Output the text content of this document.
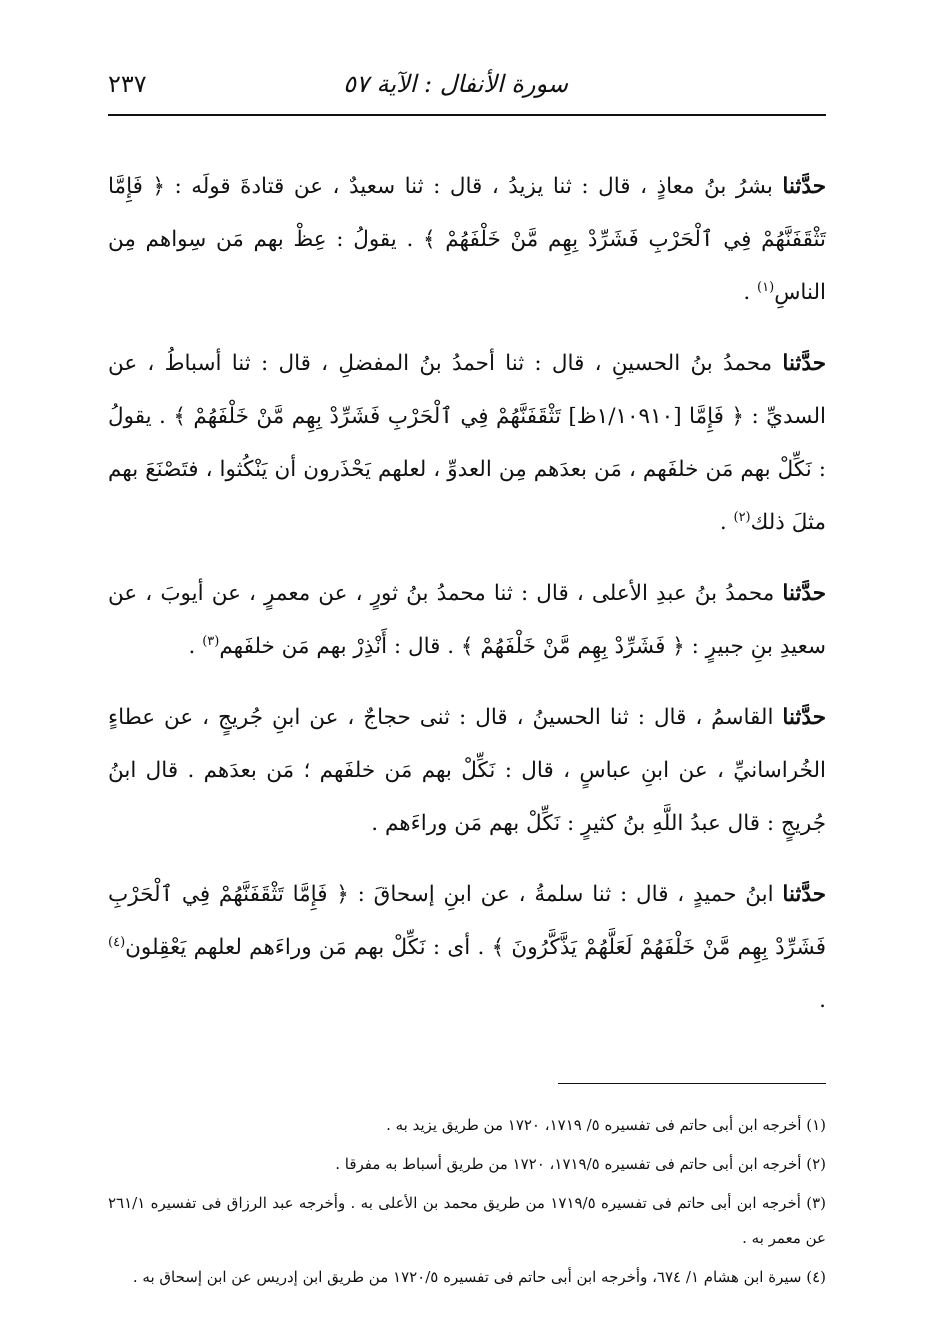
سورة الأنفال : الآية ٥٧
٢٣٧

حدَّثنا بشرُ بنُ معاذٍ ، قال : ثنا يزيدُ ، قال : ثنا سعيدٌ ، عن قتادةَ قولَه : ﴿ فَإِمَّا تَثْقَفَنَّهُمْ فِي ٱلْحَرْبِ فَشَرِّدْ بِهِم مَّنْ خَلْفَهُمْ ﴾ . يقولُ : عِظْ بهم مَن سِواهم مِن الناسِ$^{(١)}$ .

حدَّثنا محمدُ بنُ الحسينِ ، قال : ثنا أحمدُ بنُ المفضلِ ، قال : ثنا أسباطُ ، عن السديِّ : ﴿ فَإِمَّا [١/١٠٩١٠ظ] تَثْقَفَنَّهُمْ فِي ٱلْحَرْبِ فَشَرِّدْ بِهِم مَّنْ خَلْفَهُمْ ﴾ . يقولُ : نَكِّلْ بهم مَن خلفَهم ، مَن بعدَهم مِن العدوِّ ، لعلهم يَحْذَرون أن يَنْكُثوا ، فتَصْنَعَ بهم مثلَ ذلك$^{(٢)}$ .

حدَّثنا محمدُ بنُ عبدِ الأعلى ، قال : ثنا محمدُ بنُ ثورٍ ، عن معمرٍ ، عن أيوبَ ، عن سعيدِ بنِ جبيرٍ : ﴿ فَشَرِّدْ بِهِم مَّنْ خَلْفَهُمْ ﴾ . قال : أَنْذِرْ بهم مَن خلفَهم$^{(٣)}$ .

حدَّثنا القاسمُ ، قال : ثنا الحسينُ ، قال : ثنى حجاجٌ ، عن ابنِ جُريجٍ ، عن عطاءٍ الخُراسانيِّ ، عن ابنِ عباسٍ ، قال : نَكِّلْ بهم مَن خلفَهم ؛ مَن بعدَهم . قال ابنُ جُريجٍ : قال عبدُ اللَّهِ بنُ كثيرٍ : نَكِّلْ بهم مَن وراءَهم .

حدَّثنا ابنُ حميدٍ ، قال : ثنا سلمةُ ، عن ابنِ إسحاقَ : ﴿ فَإِمَّا تَثْقَفَنَّهُمْ فِي ٱلْحَرْبِ فَشَرِّدْ بِهِم مَّنْ خَلْفَهُمْ لَعَلَّهُمْ يَذَّكَّرُونَ ﴾ . أى : نَكِّلْ بهم مَن وراءَهم لعلهم يَعْقِلون$^{(٤)}$ .

(١) أخرجه ابن أبى حاتم فى تفسيره ٥/ ١٧١٩، ١٧٢٠ من طريق يزيد به .

(٢) أخرجه ابن أبى حاتم فى تفسيره ١٧١٩/٥، ١٧٢٠ من طريق أسباط به مفرقا .

(٣) أخرجه ابن أبى حاتم فى تفسيره ١٧١٩/٥ من طريق محمد بن الأعلى به . وأخرجه عبد الرزاق فى تفسيره ٢٦١/١ عن معمر به .

(٤) سيرة ابن هشام ١/ ٦٧٤، وأخرجه ابن أبى حاتم فى تفسيره ١٧٢٠/٥ من طريق ابن إدريس عن ابن إسحاق به .
